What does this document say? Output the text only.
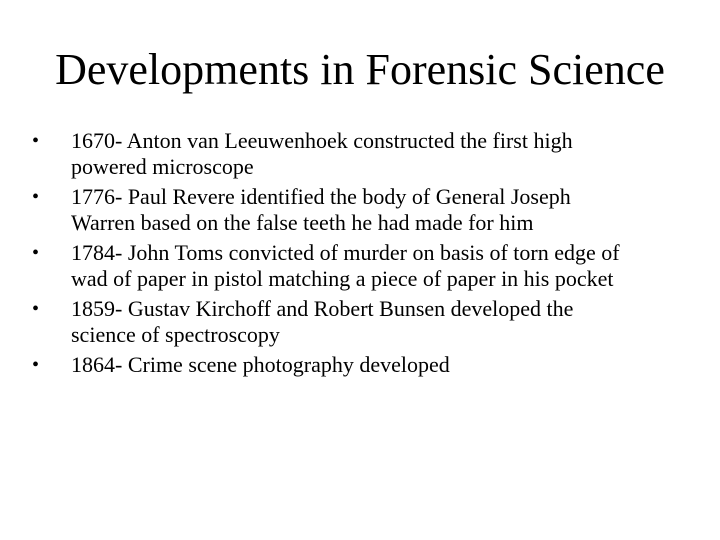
Developments in Forensic Science
•	1670- Anton van Leeuwenhoek constructed the first high
powered microscope
•	1776- Paul Revere identified the body of General Joseph
Warren based on the false teeth he had made for him
•	1784- John Toms convicted of murder on basis of torn edge of
wad of paper in pistol matching a piece of paper in his pocket
•	1859- Gustav Kirchoff and Robert Bunsen developed the
science of spectroscopy
•	1864- Crime scene photography developed
